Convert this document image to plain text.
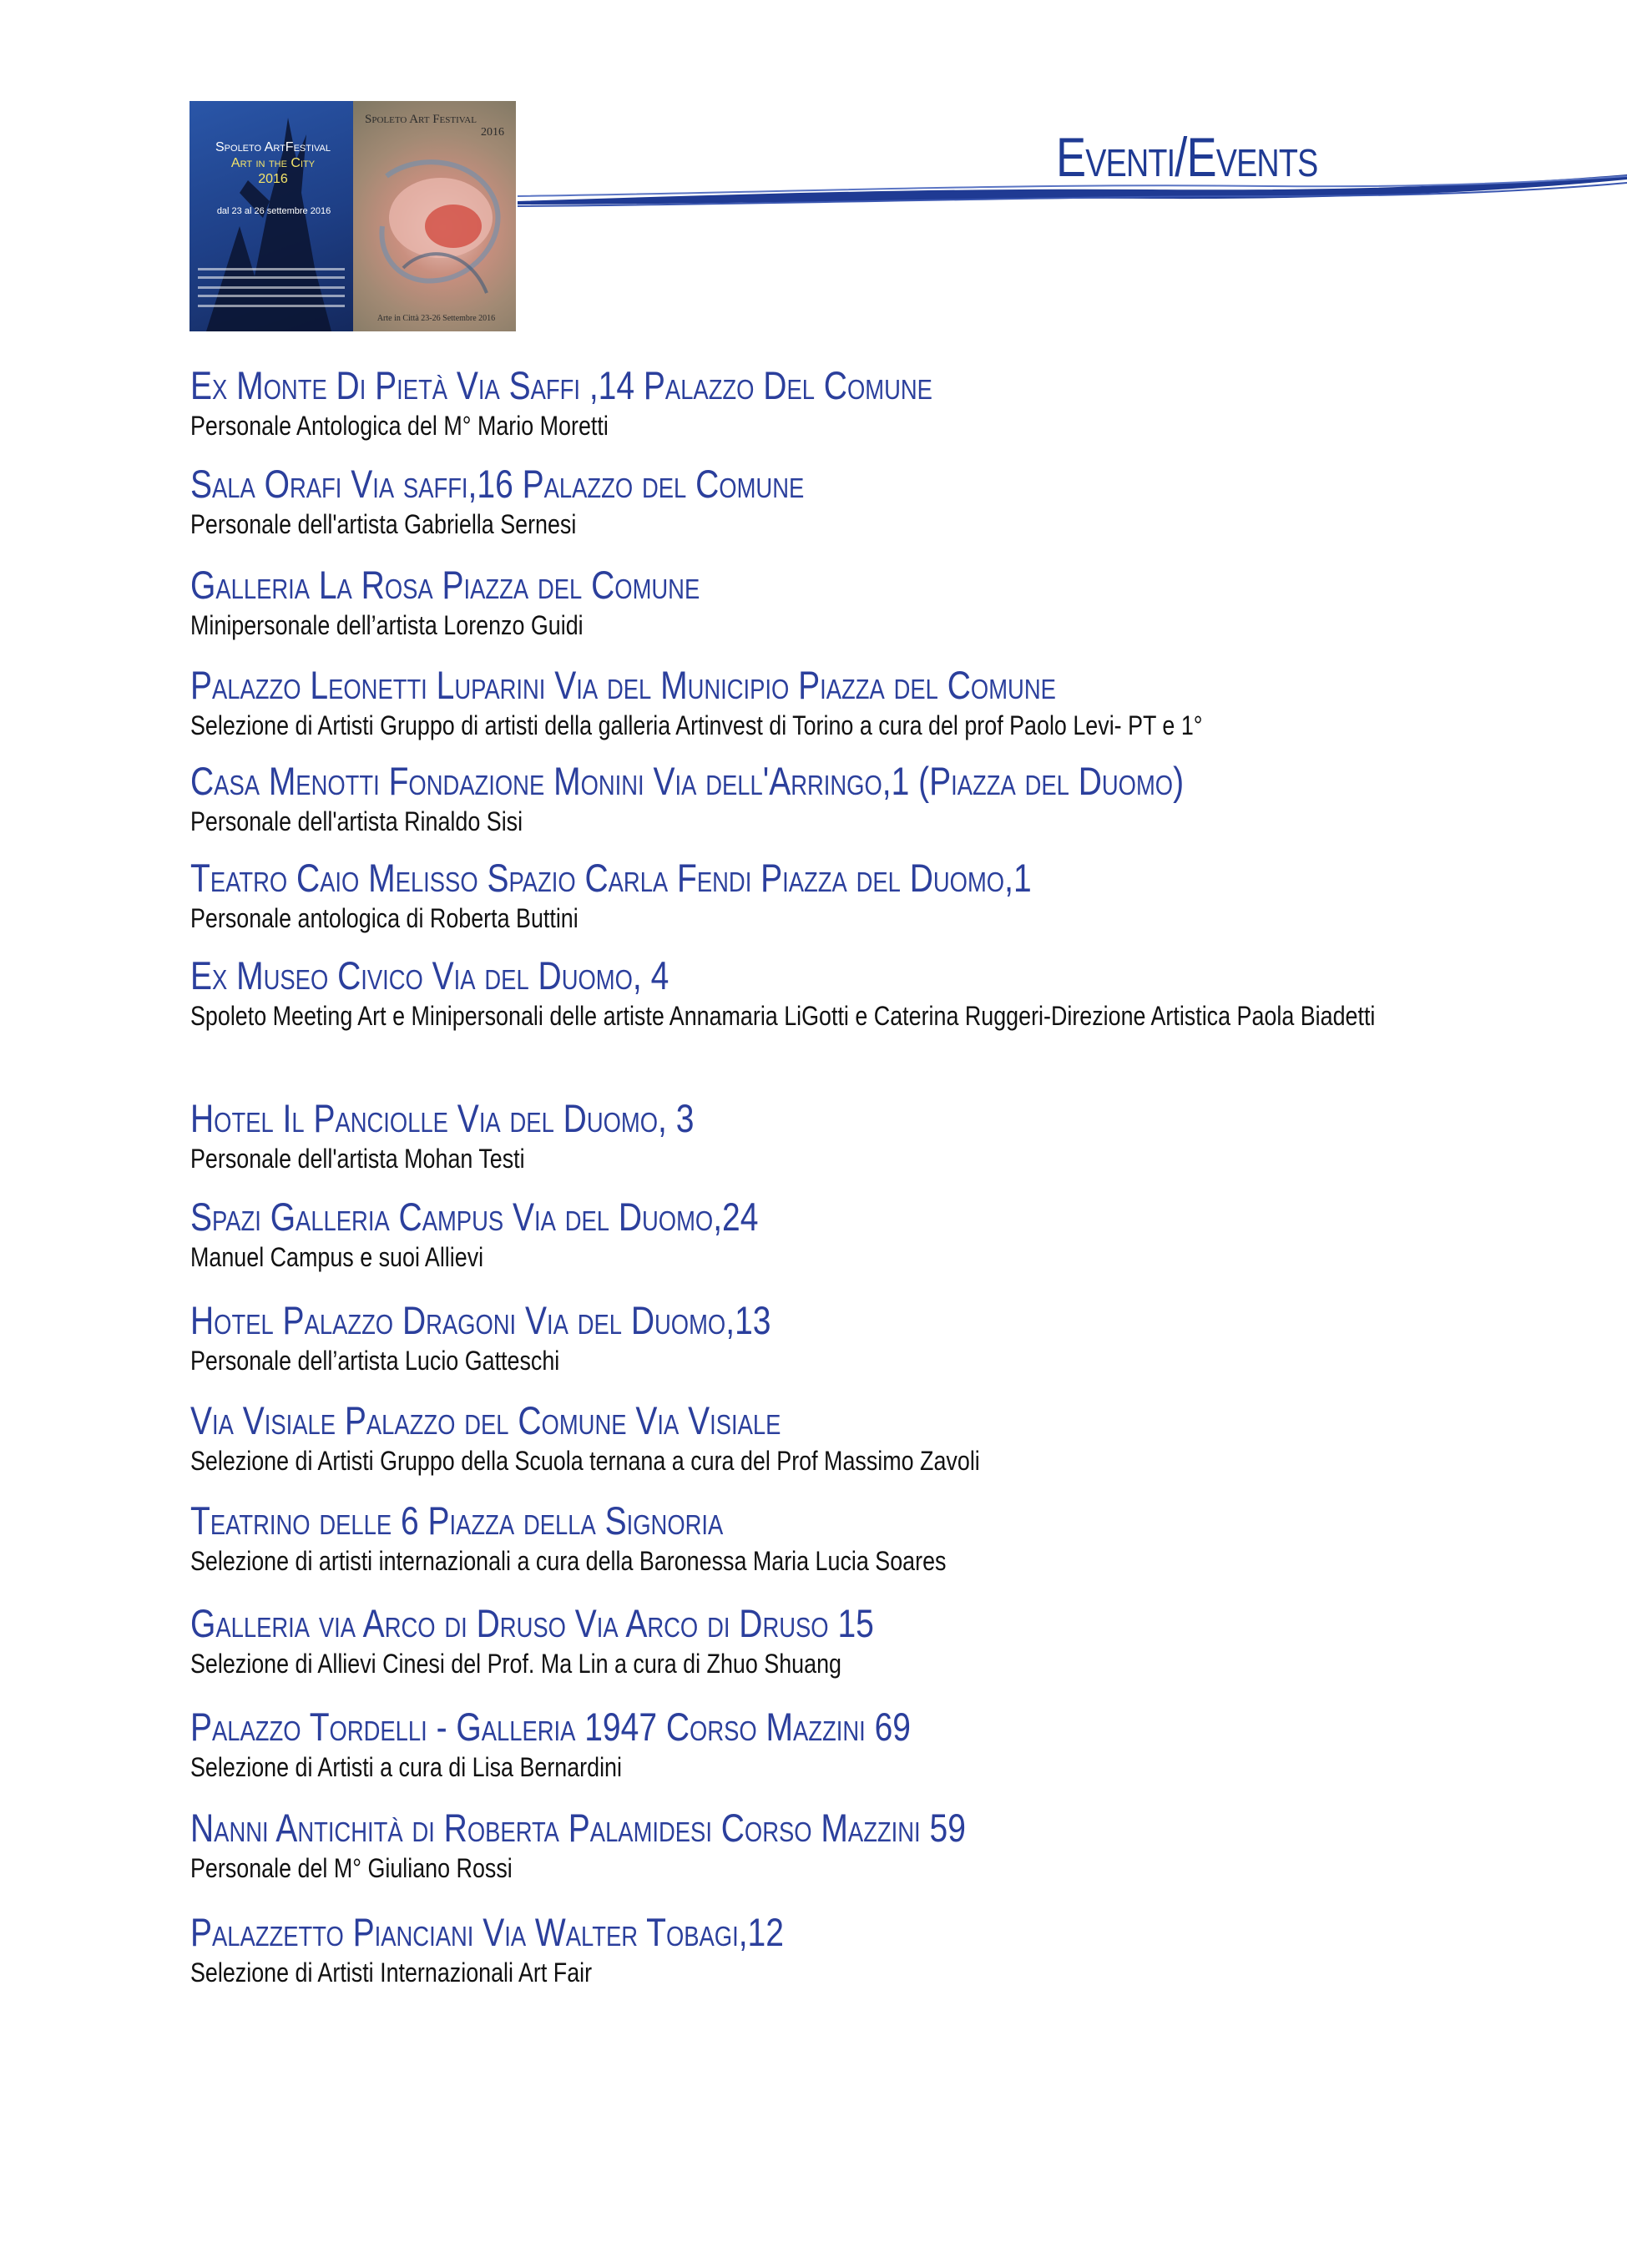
Spoleto ArtFestival
Art in the City
2016
dal 23 al 26 settembre 2016
Spoleto Art Festival
2016
Arte in Città 23-26 Settembre 2016
Eventi/Events
Ex Monte Di Pietà Via Saffi ,14 Palazzo Del Comune
Personale Antologica del M° Mario Moretti
Sala Orafi Via saffi,16 Palazzo del Comune
Personale dell'artista Gabriella Sernesi
Galleria La Rosa Piazza del Comune
Minipersonale dell’artista Lorenzo Guidi
Palazzo Leonetti Luparini Via del Municipio Piazza del Comune
Selezione di Artisti Gruppo di artisti della galleria Artinvest di Torino a cura del prof Paolo Levi- PT e 1°
Casa Menotti Fondazione Monini Via dell'Arringo,1 (Piazza del Duomo)
Personale dell'artista Rinaldo Sisi
Teatro Caio Melisso Spazio Carla Fendi Piazza del Duomo,1
Personale antologica di Roberta Buttini
Ex Museo Civico Via del Duomo, 4
Spoleto Meeting Art e Minipersonali delle artiste Annamaria LiGotti e Caterina Ruggeri-Direzione Artistica Paola Biadetti
Hotel Il Panciolle Via del Duomo, 3
Personale dell'artista Mohan Testi
Spazi Galleria Campus Via del Duomo,24
Manuel Campus e suoi Allievi
Hotel Palazzo Dragoni Via del Duomo,13
Personale dell’artista Lucio Gatteschi
Via Visiale Palazzo del Comune Via Visiale
Selezione di Artisti Gruppo della Scuola ternana a cura del Prof Massimo Zavoli
Teatrino delle 6 Piazza della Signoria
Selezione di artisti internazionali a cura della Baronessa Maria Lucia Soares
Galleria via Arco di Druso Via Arco di Druso 15
Selezione di Allievi Cinesi del Prof. Ma Lin a cura di Zhuo Shuang
Palazzo Tordelli - Galleria 1947 Corso Mazzini 69
Selezione di Artisti a cura di Lisa Bernardini
Nanni Antichità di Roberta Palamidesi Corso Mazzini 59
Personale del M° Giuliano Rossi
Palazzetto Pianciani Via Walter Tobagi,12
Selezione di Artisti Internazionali Art Fair
